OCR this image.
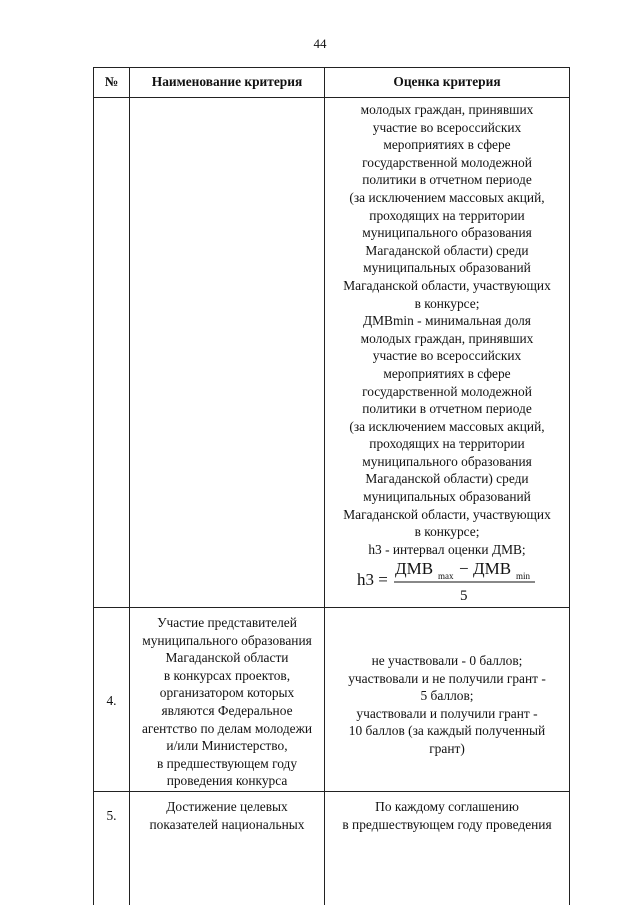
44
№	Наименование критерия	Оценка критерия
молодых граждан, принявших
участие во всероссийских
мероприятиях в сфере
государственной молодежной
политики в отчетном периоде
(за исключением массовых акций,
проходящих на территории
муниципального образования
Магаданской области) среди
муниципальных образований
Магаданской области, участвующих
в конкурсе;
ДМВmin - минимальная доля
молодых граждан, принявших
участие во всероссийских
мероприятиях в сфере
государственной молодежной
политики в отчетном периоде
(за исключением массовых акций,
проходящих на территории
муниципального образования
Магаданской области) среди
муниципальных образований
Магаданской области, участвующих
в конкурсе;
h3 - интервал оценки ДМВ;
h3 =
ДМВ max − ДМВ min
5
4.
Участие представителей
муниципального образования
Магаданской области
в конкурсах проектов,
организатором которых
являются Федеральное
агентство по делам молодежи
и/или Министерство,
в предшествующем году
проведения конкурса
не участвовали - 0 баллов;
участвовали и не получили грант -
5 баллов;
участвовали и получили грант -
10 баллов (за каждый полученный
грант)
5.
Достижение целевых
показателей национальных
По каждому соглашению
в предшествующем году проведения
